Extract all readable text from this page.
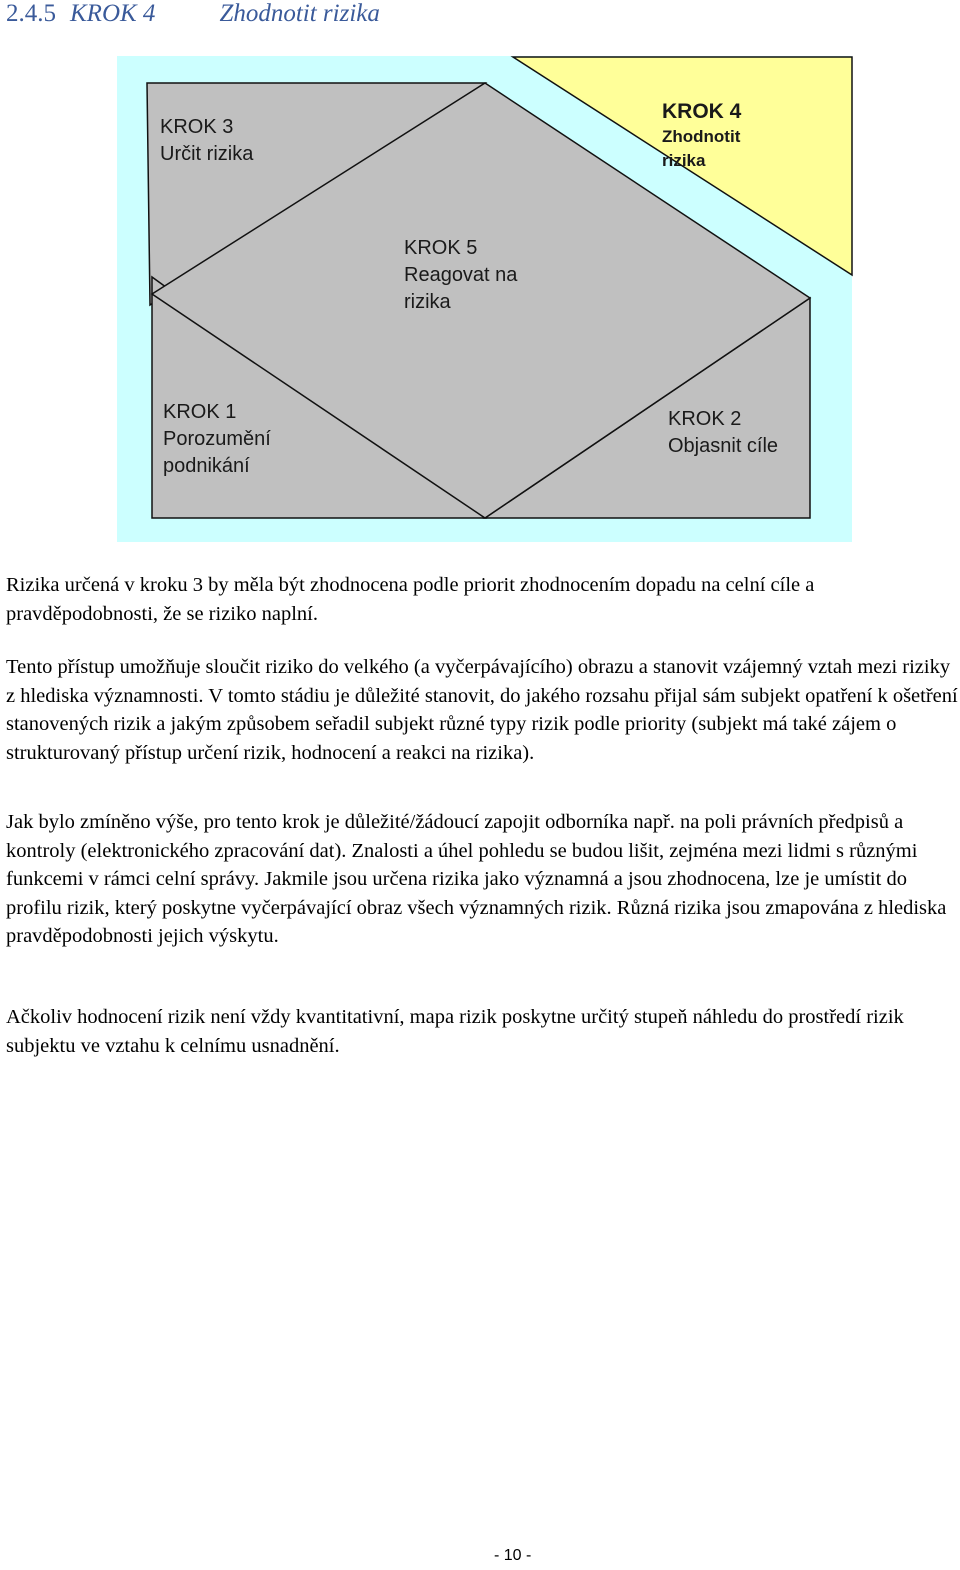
2.4.5 KROK 4	Zhodnotit rizika
KROK 3
Určit rizika
KROK 4
Zhodnotit
rizika
KROK 5
Reagovat na
rizika
KROK 1
Porozumění
podnikání
KROK 2
Objasnit cíle

Rizika určená v kroku 3 by měla být zhodnocena podle priorit zhodnocením dopadu na celní cíle a pravděpodobnosti, že se riziko naplní.

Tento přístup umožňuje sloučit riziko do velkého (a vyčerpávajícího) obrazu a stanovit vzájemný vztah mezi riziky z hlediska významnosti. V tomto stádiu je důležité stanovit, do jakého rozsahu přijal sám subjekt opatření k ošetření stanovených rizik a jakým způsobem seřadil subjekt různé typy rizik podle priority (subjekt má také zájem o strukturovaný přístup určení rizik, hodnocení a reakci na rizika).

Jak bylo zmíněno výše, pro tento krok je důležité/žádoucí zapojit odborníka např. na poli právních předpisů a kontroly (elektronického zpracování dat). Znalosti a úhel pohledu se budou lišit, zejména mezi lidmi s různými funkcemi v rámci celní správy. Jakmile jsou určena rizika jako významná a jsou zhodnocena, lze je umístit do profilu rizik, který poskytne vyčerpávající obraz všech významných rizik. Různá rizika jsou zmapována z hlediska pravděpodobnosti jejich výskytu.

Ačkoliv hodnocení rizik není vždy kvantitativní, mapa rizik poskytne určitý stupeň náhledu do prostředí rizik subjektu ve vztahu k celnímu usnadnění.

- 10 -
